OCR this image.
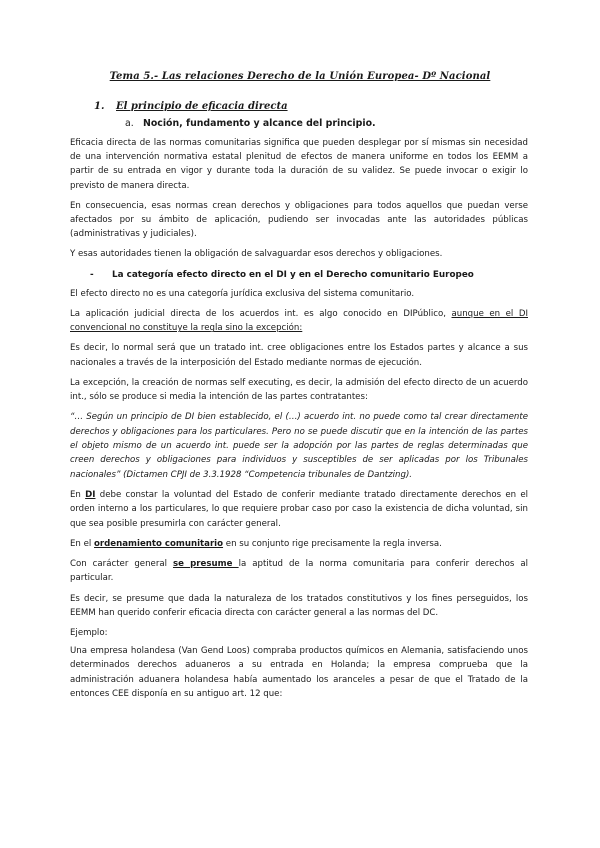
Tema 5.- Las relaciones Derecho de la Unión Europea- Dº Nacional
1. El principio de eficacia directa
a. Noción, fundamento y alcance del principio.

Eficacia directa de las normas comunitarias significa que pueden desplegar por sí mismas sin necesidad de una intervención normativa estatal plenitud de efectos de manera uniforme en todos los EEMM a partir de su entrada en vigor y durante toda la duración de su validez. Se puede invocar o exigir lo previsto de manera directa.

En consecuencia, esas normas crean derechos y obligaciones para todos aquellos que puedan verse afectados por su ámbito de aplicación, pudiendo ser invocadas ante las autoridades públicas (administrativas y judiciales).

Y esas autoridades tienen la obligación de salvaguardar esos derechos y obligaciones.

- La categoría efecto directo en el DI y en el Derecho comunitario Europeo

El efecto directo no es una categoría jurídica exclusiva del sistema comunitario.

La aplicación judicial directa de los acuerdos int. es algo conocido en DIPúblico, aunque en el DI convencional no constituye la regla sino la excepción:

Es decir, lo normal será que un tratado int. cree obligaciones entre los Estados partes y alcance a sus nacionales a través de la interposición del Estado mediante normas de ejecución.

La excepción, la creación de normas self executing, es decir, la admisión del efecto directo de un acuerdo int., sólo se produce si media la intención de las partes contratantes:

“… Según un principio de DI bien establecido, el (…) acuerdo int. no puede como tal crear directamente derechos y obligaciones para los particulares. Pero no se puede discutir que en la intención de las partes el objeto mismo de un acuerdo int. puede ser la adopción por las partes de reglas determinadas que creen derechos y obligaciones para individuos y susceptibles de ser aplicadas por los Tribunales nacionales” (Dictamen CPJI de 3.3.1928 “Competencia tribunales de Dantzing).

En DI debe constar la voluntad del Estado de conferir mediante tratado directamente derechos en el orden interno a los particulares, lo que requiere probar caso por caso la existencia de dicha voluntad, sin que sea posible presumirla con carácter general.

En el ordenamiento comunitario en su conjunto rige precisamente la regla inversa.

Con carácter general se presume la aptitud de la norma comunitaria para conferir derechos al particular.

Es decir, se presume que dada la naturaleza de los tratados constitutivos y los fines perseguidos, los EEMM han querido conferir eficacia directa con carácter general a las normas del DC.

Ejemplo:

Una empresa holandesa (Van Gend Loos) compraba productos químicos en Alemania, satisfaciendo unos determinados derechos aduaneros a su entrada en Holanda; la empresa comprueba que la administración aduanera holandesa había aumentado los aranceles a pesar de que el Tratado de la entonces CEE disponía en su antiguo art. 12 que:
